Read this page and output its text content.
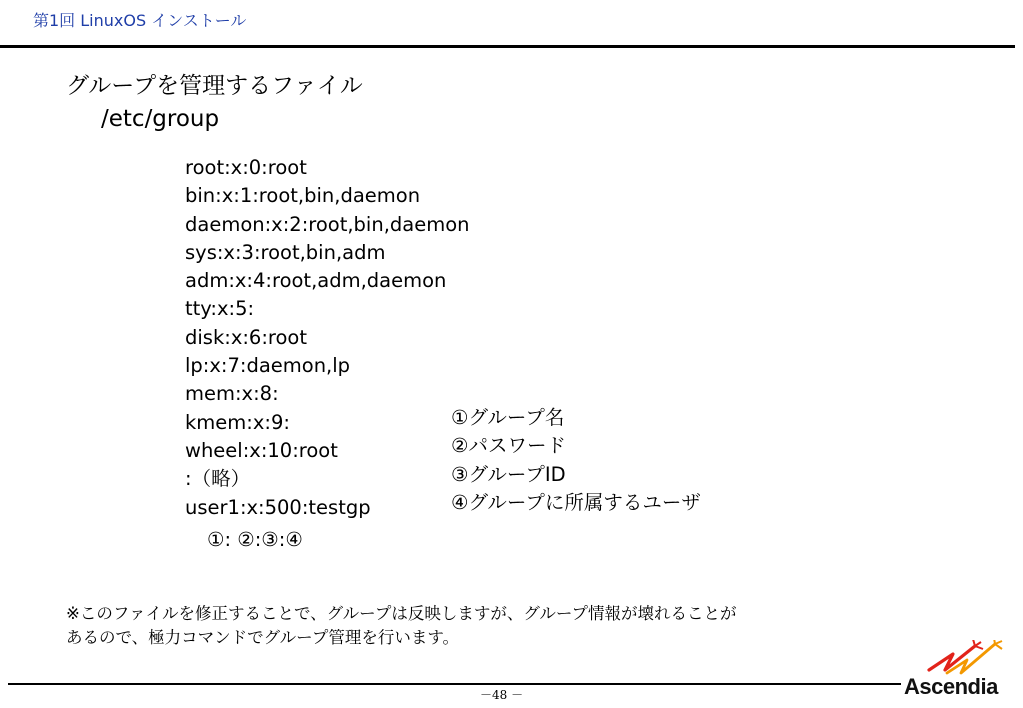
第1回 LinuxOS インストール
グループを管理するファイル
/etc/group
root:x:0:root
bin:x:1:root,bin,daemon
daemon:x:2:root,bin,daemon
sys:x:3:root,bin,adm
adm:x:4:root,adm,daemon
tty:x:5:
disk:x:6:root
lp:x:7:daemon,lp
mem:x:8:
kmem:x:9:
wheel:x:10:root
:（略）
user1:x:500:testgp
①: ②:③:④
①グループ名
②パスワード
③グループID
④グループに所属するユーザ
※このファイルを修正することで、グループは反映しますが、グループ情報が壊れることが
あるので、極力コマンドでグループ管理を行います。
－48 －	Ascendia
